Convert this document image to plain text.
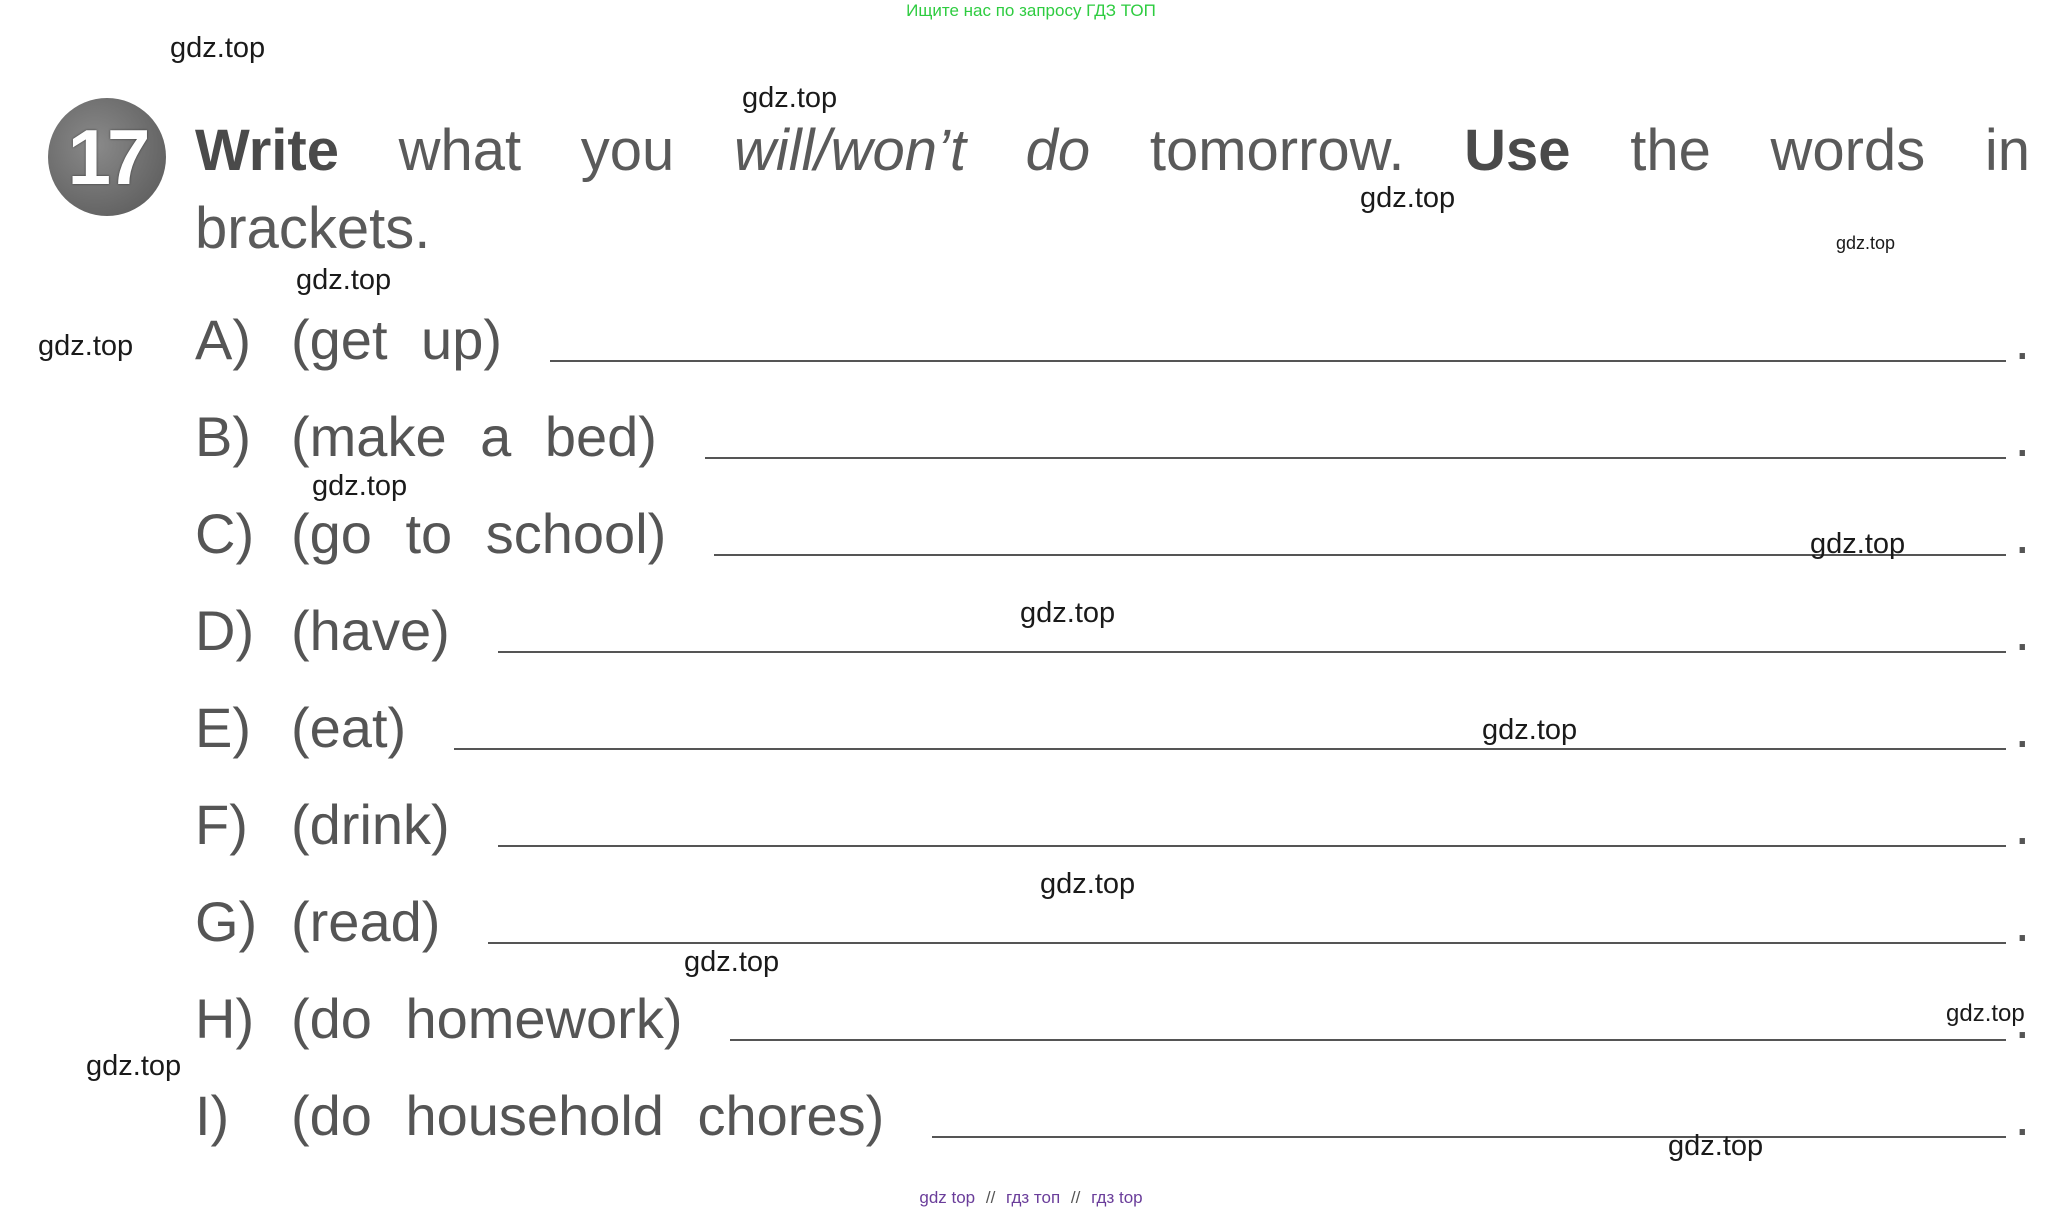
Ищите нас по запросу ГДЗ ТОП
17 Write what you will/won’t do tomorrow. Use the words in brackets.
A) (get up)	.
B) (make a bed)	.
C) (go to school)	.
D) (have)	.
E) (eat)	.
F) (drink)	.
G) (read)	.
H) (do homework)	.
I)	(do household chores)	.
gdz.top
gdz.top
gdz.top
gdz.top
gdz.top
gdz.top
gdz.top
gdz.top
gdz.top
gdz.top
gdz.top
gdz.top
gdz.top
gdz.top
gdz.top
gdz top // гдз топ // гдз top
